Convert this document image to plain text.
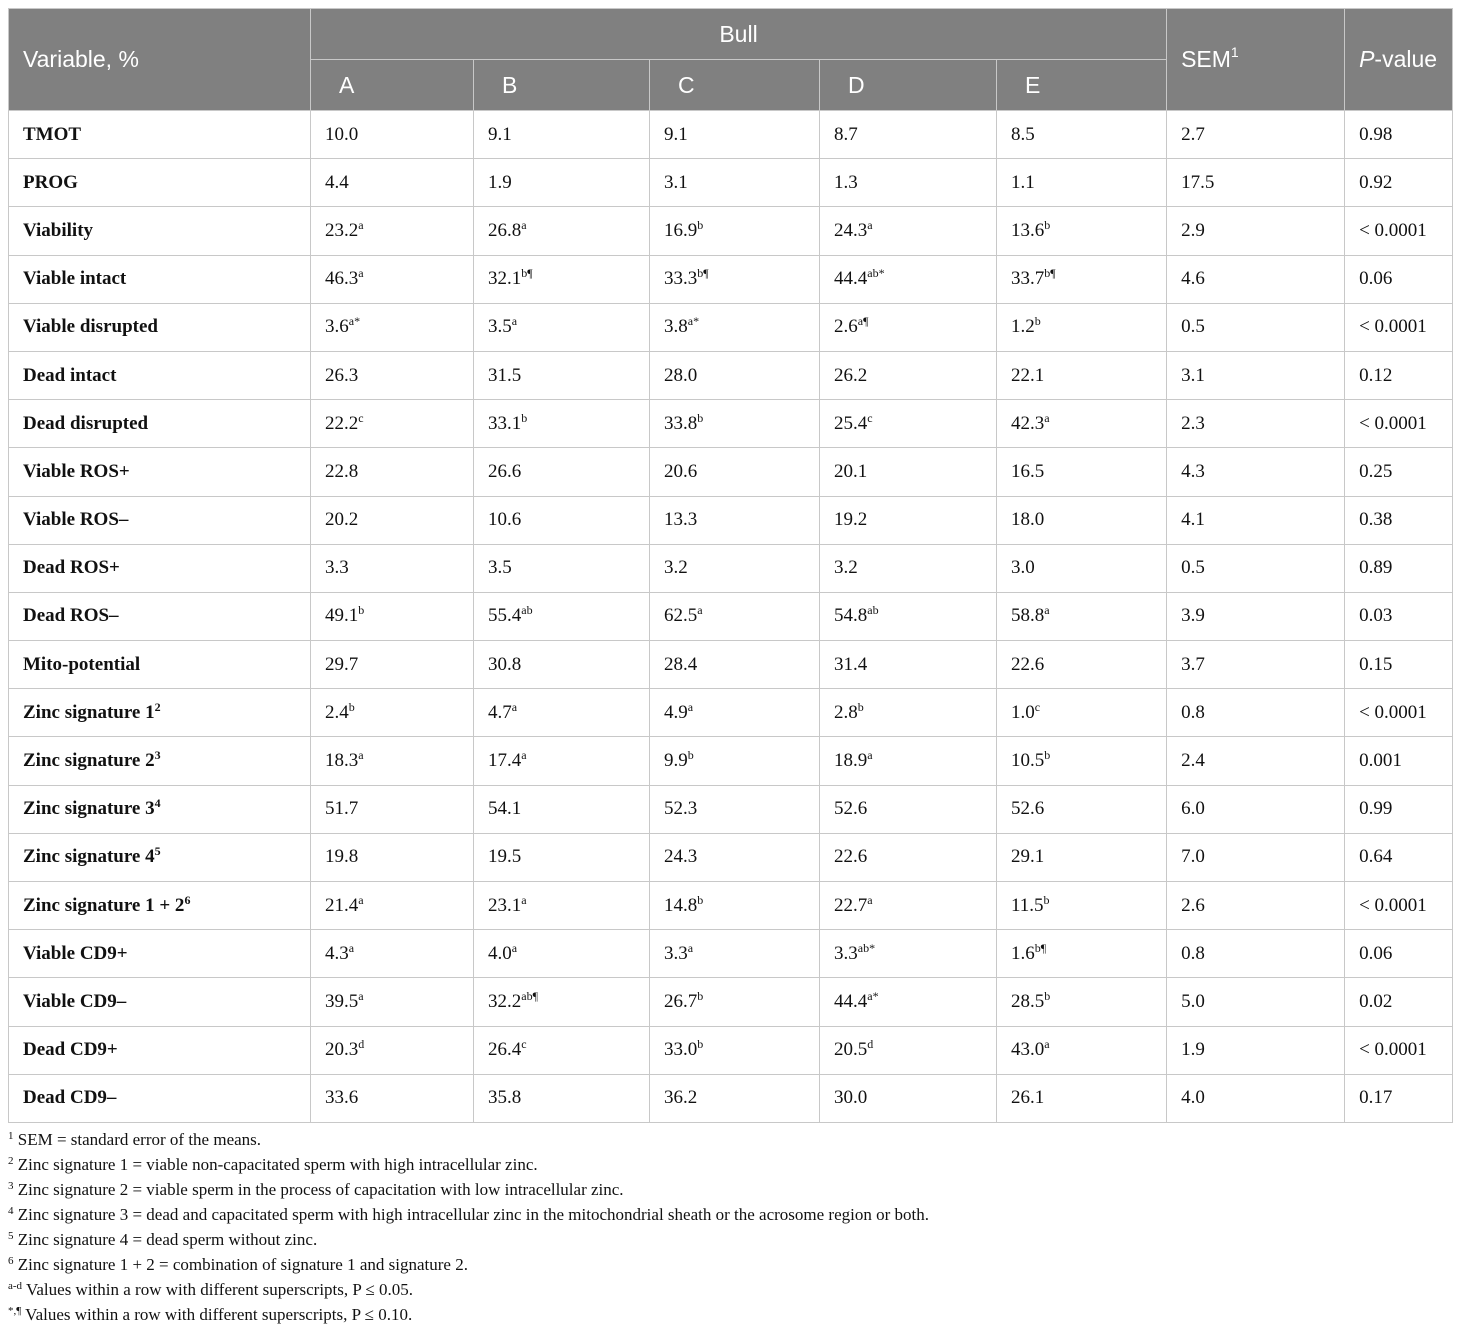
Variable, %	Bull					SEM$^1$	P-value
	A	B	C	D	E		
TMOT	10.0	9.1	9.1	8.7	8.5	2.7	0.98
PROG	4.4	1.9	3.1	1.3	1.1	17.5	0.92
Viability	23.2$^a$	26.8$^a$	16.9$^b$	24.3$^a$	13.6$^b$	2.9	< 0.0001
Viable intact	46.3$^a$	$32.1^{b\P}$	$33.3^{b\P}$	$44.4^{ab*}$	$33.7^{b\P}$	4.6	0.06
Viable disrupted	$3.6^{a*}$	3.5$^a$	$3.8^{a*}$	$2.6^{a\P}$	1.2$^b$	0.5	< 0.0001
Dead intact	26.3	31.5	28.0	26.2	22.1	3.1	0.12
Dead disrupted	22.2$^c$	33.1$^b$	33.8$^b$	25.4$^c$	42.3$^a$	2.3	< 0.0001
Viable ROS+	22.8	26.6	20.6	20.1	16.5	4.3	0.25
Viable ROS–	20.2	10.6	13.3	19.2	18.0	4.1	0.38
Dead ROS+	3.3	3.5	3.2	3.2	3.0	0.5	0.89
Dead ROS–	49.1$^b$	55.4$^{ab}$	62.5$^a$	54.8$^{ab}$	58.8$^a$	3.9	0.03
Mito-potential	29.7	30.8	28.4	31.4	22.6	3.7	0.15
Zinc signature $1^2$	2.4$^b$	4.7$^a$	4.9$^a$	2.8$^b$	1.0$^c$	0.8	< 0.0001
Zinc signature $2^3$	18.3$^a$	17.4$^a$	9.9$^b$	18.9$^a$	10.5$^b$	2.4	0.001
Zinc signature $3^4$	51.7	54.1	52.3	52.6	52.6	6.0	0.99
Zinc signature $4^5$	19.8	19.5	24.3	22.6	29.1	7.0	0.64
Zinc signature $1 + 2^6$	21.4$^a$	23.1$^a$	14.8$^b$	22.7$^a$	11.5$^b$	2.6	< 0.0001
Viable CD9+	4.3$^a$	4.0$^a$	3.3$^a$	$3.3^{ab*}$	$1.6^{b\P}$	0.8	0.06
Viable CD9–	39.5$^a$	$32.2^{ab\P}$	26.7$^b$	$44.4^{a*}$	28.5$^b$	5.0	0.02
Dead CD9+	20.3$^d$	26.4$^c$	33.0$^b$	20.5$^d$	43.0$^a$	1.9	< 0.0001
Dead CD9–	33.6	35.8	36.2	30.0	26.1	4.0	0.17
$^1$ SEM = standard error of the means.
$^2$ Zinc signature 1 = viable non-capacitated sperm with high intracellular zinc.
$^3$ Zinc signature 2 = viable sperm in the process of capacitation with low intracellular zinc.
$^4$ Zinc signature 3 = dead and capacitated sperm with high intracellular zinc in the mitochondrial sheath or the acrosome region or both.
$^5$ Zinc signature 4 = dead sperm without zinc.
$^6$ Zinc signature 1 + 2 = combination of signature 1 and signature 2.
$^{a-d}$ Values within a row with different superscripts, P ≤ 0.05.
*,¶ Values within a row with different superscripts, P ≤ 0.10.
